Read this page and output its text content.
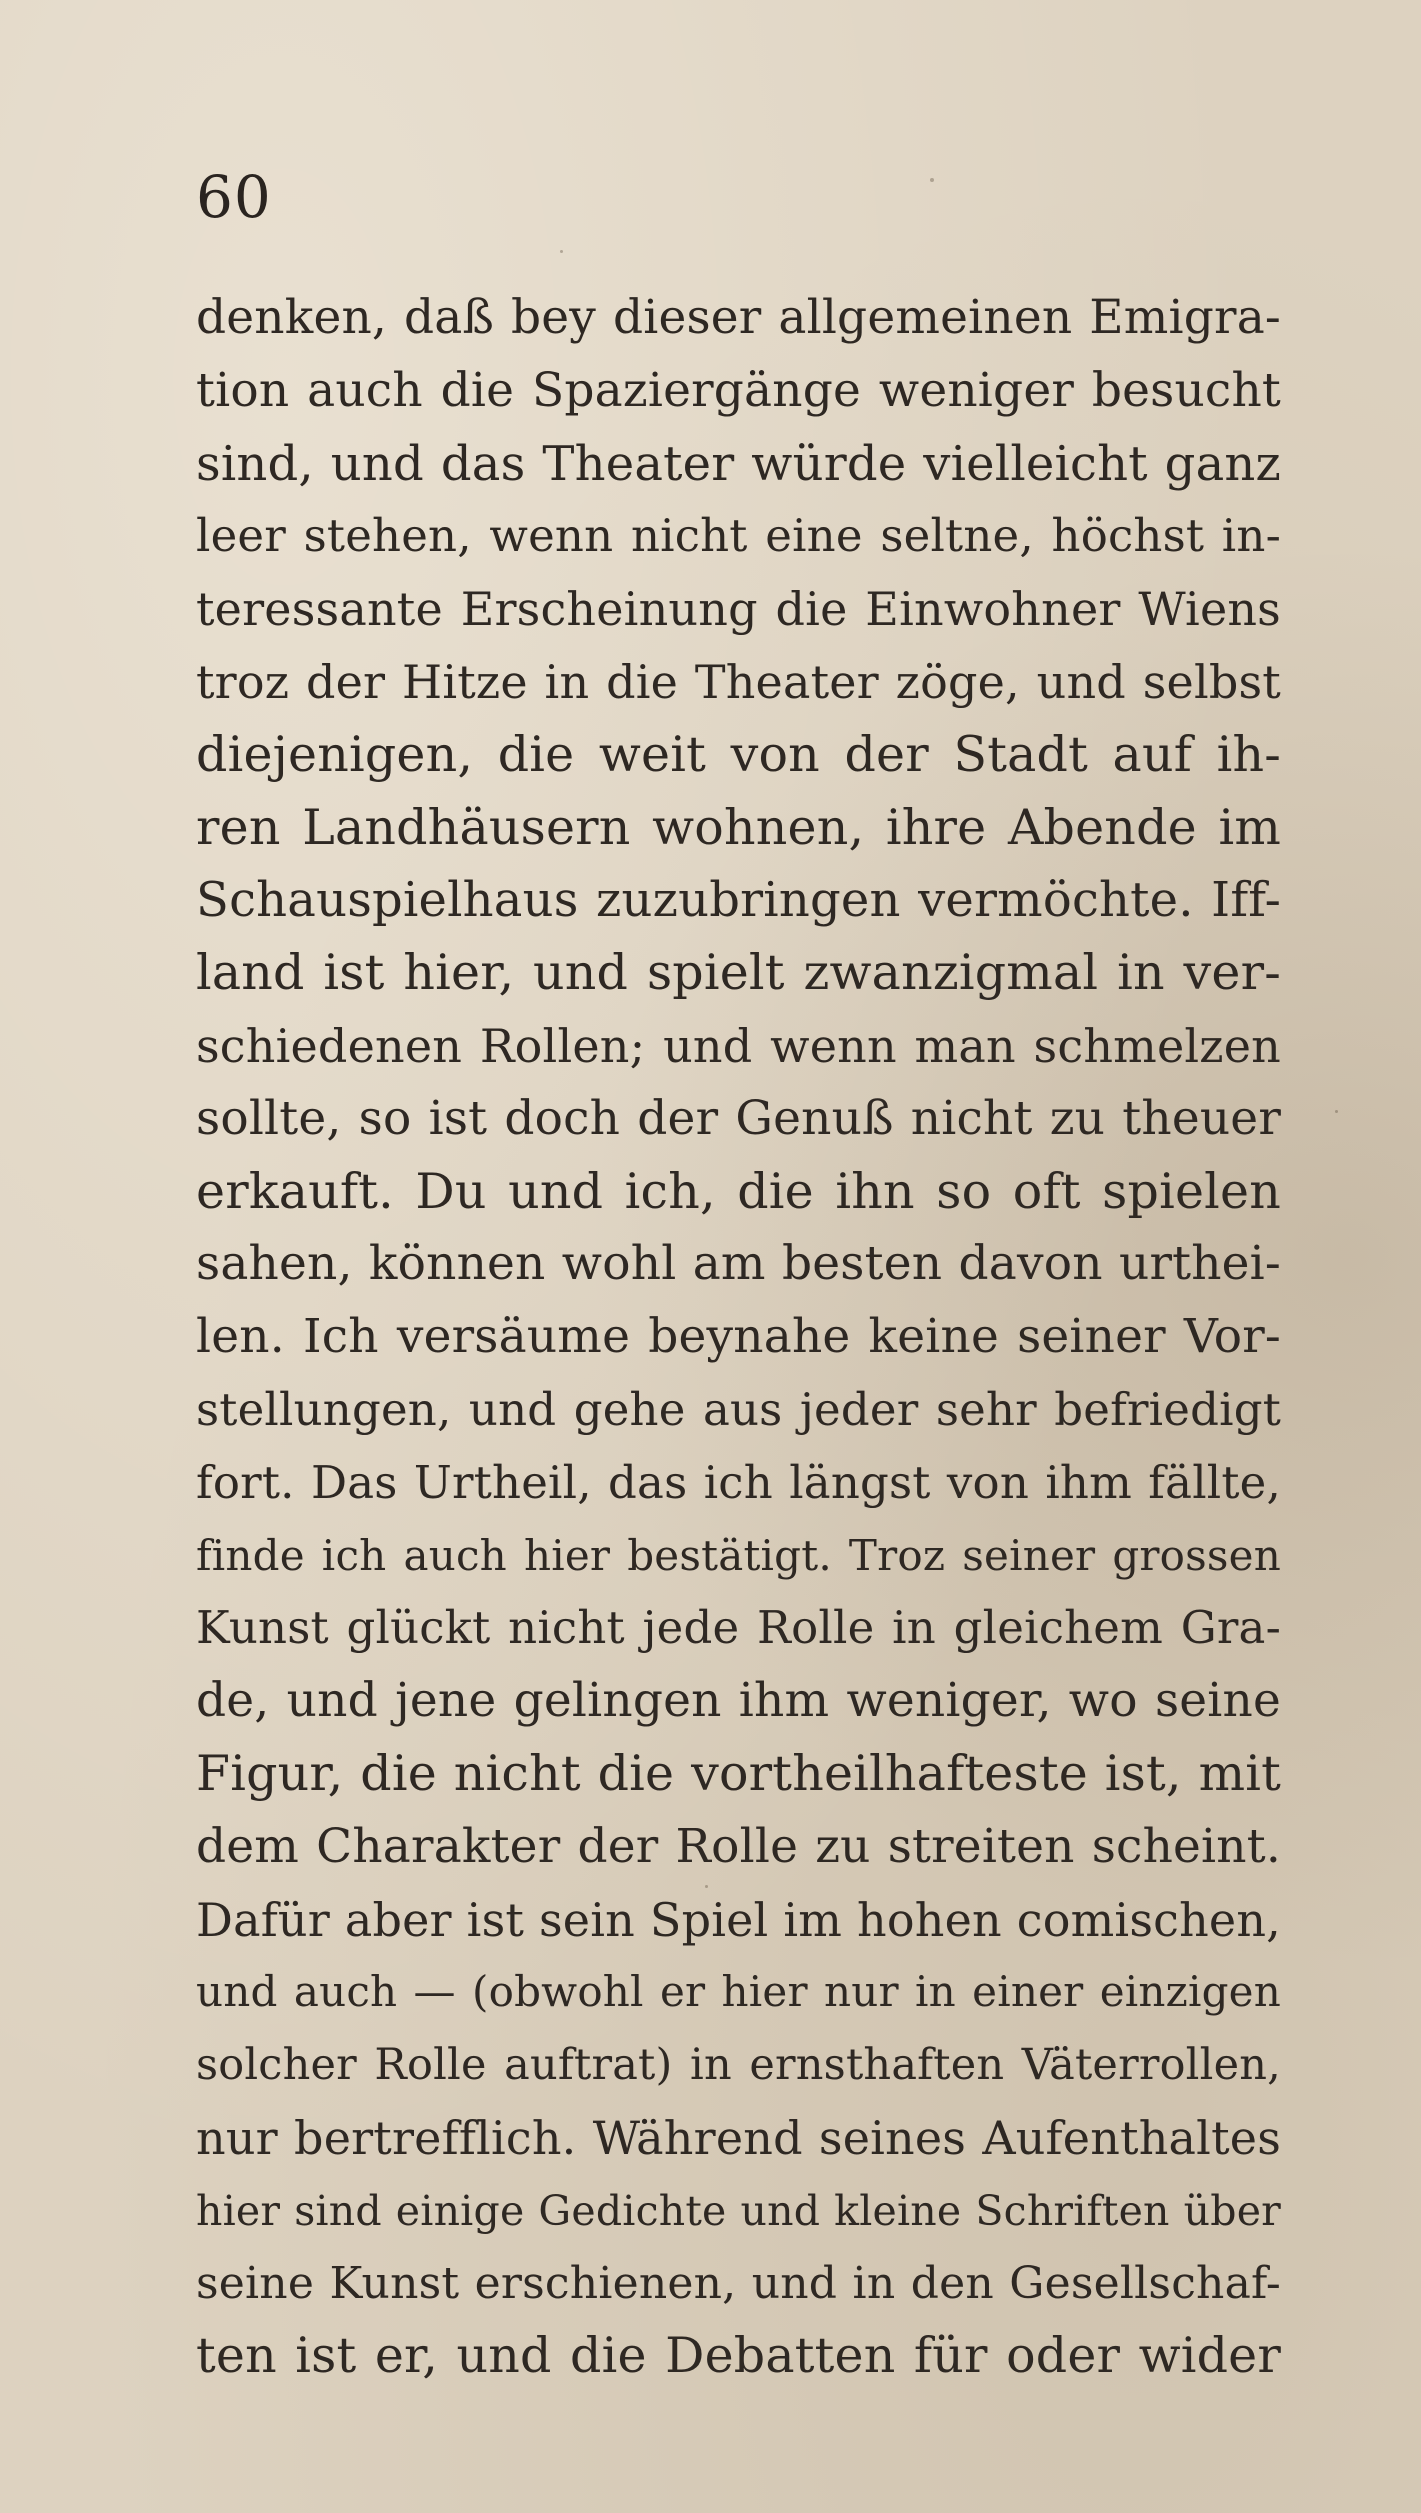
60
denken, daß bey dieser allgemeinen Emigra-
tion auch die Spaziergänge weniger besucht
sind, und das Theater würde vielleicht ganz
leer stehen, wenn nicht eine seltne, höchst in-
teressante Erscheinung die Einwohner Wiens
troz der Hitze in die Theater zöge, und selbst
diejenigen, die weit von der Stadt auf ih-
ren Landhäusern wohnen, ihre Abende im
Schauspielhaus zuzubringen vermöchte. Iff-
land ist hier, und spielt zwanzigmal in ver-
schiedenen Rollen; und wenn man schmelzen
sollte, so ist doch der Genuß nicht zu theuer
erkauft. Du und ich, die ihn so oft spielen
sahen, können wohl am besten davon urthei-
len. Ich versäume beynahe keine seiner Vor-
stellungen, und gehe aus jeder sehr befriedigt
fort. Das Urtheil, das ich längst von ihm fällte,
finde ich auch hier bestätigt. Troz seiner grossen
Kunst glückt nicht jede Rolle in gleichem Gra-
de, und jene gelingen ihm weniger, wo seine
Figur, die nicht die vortheilhafteste ist, mit
dem Charakter der Rolle zu streiten scheint.
Dafür aber ist sein Spiel im hohen comischen,
und auch — (obwohl er hier nur in einer einzigen
solcher Rolle auftrat) in ernsthaften Väterrollen,
nur bertrefflich. Während seines Aufenthaltes
hier sind einige Gedichte und kleine Schriften über
seine Kunst erschienen, und in den Gesellschaf-
ten ist er, und die Debatten für oder wider
